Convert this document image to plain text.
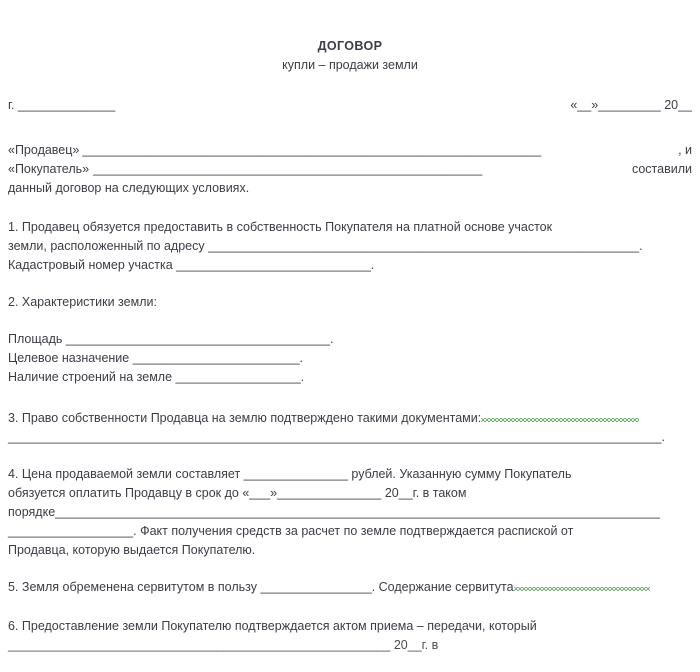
ДОГОВОР

купли – продажи земли

г. ______________	«__»_________ 20__
«Продавец» __________________________________________________________________	, и
«Покупатель» ________________________________________________________	составили

данный договор на следующих условиях.

1. Продавец обязуется предоставить в собственность Покупателя на платной основе участок

земли, расположенный по адресу ______________________________________________________________.

Кадастровый номер участка ____________________________.

2. Характеристики земли:

Площадь ______________________________________.

Целевое назначение ________________________.

Наличие строений на земле __________________.

3. Право собственности Продавца на землю подтверждено такими документами:

______________________________________________________________________________________________.

4. Цена продаваемой земли составляет _______________ рублей. Указанную сумму Покупатель

обязуется оплатить Продавцу в срок до «___»_______________ 20__г. в таком

порядке_______________________________________________________________________________________

__________________. Факт получения средств за расчет по земле подтверждается распиской от

Продавца, которую выдается Покупателю.

5. Земля обременена сервитутом в пользу ________________. Содержание сервитута

6. Предоставление земли Покупателю подтверждается актом приема – передачи, который

_______________________________________________________ 20__г. в
